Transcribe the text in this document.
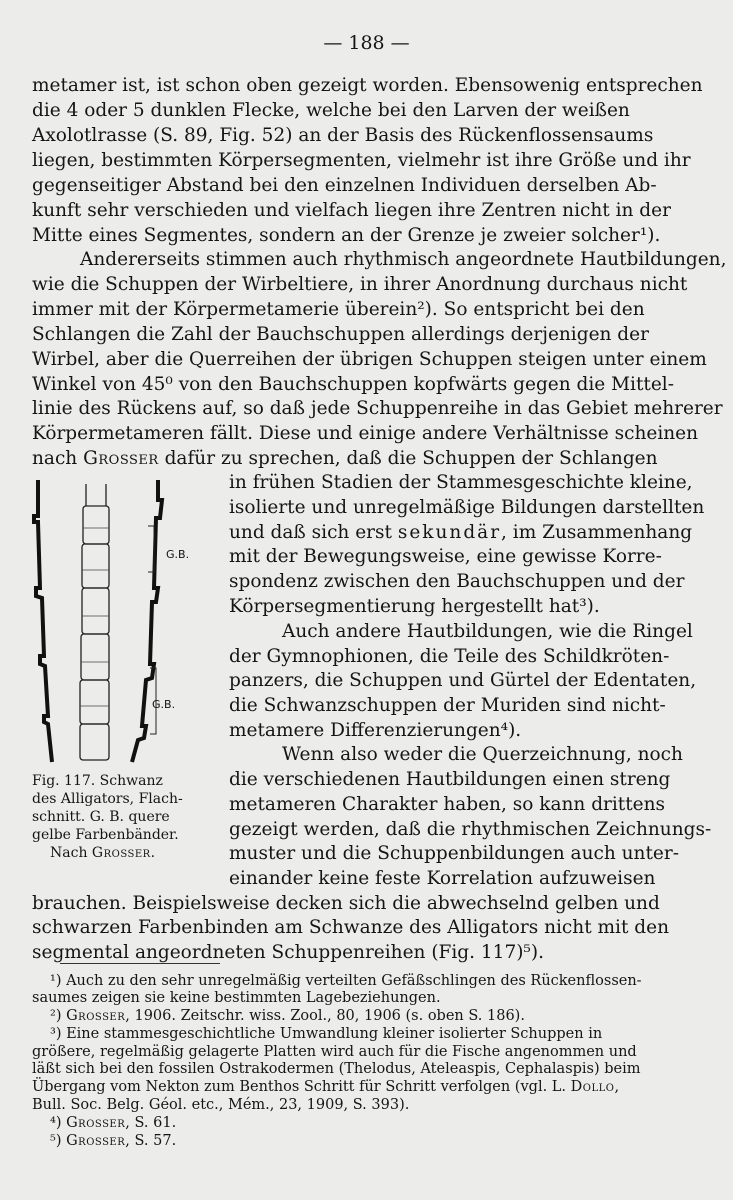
— 188 —
metamer ist, ist schon oben gezeigt worden. Ebensowenig entsprechen
die 4 oder 5 dunklen Flecke, welche bei den Larven der weißen
Axolotlrasse (S. 89, Fig. 52) an der Basis des Rückenflossensaums
liegen, bestimmten Körpersegmenten, vielmehr ist ihre Größe und ihr
gegenseitiger Abstand bei den einzelnen Individuen derselben Ab-
kunft sehr verschieden und vielfach liegen ihre Zentren nicht in der
Mitte eines Segmentes, sondern an der Grenze je zweier solcher¹).
Andererseits stimmen auch rhythmisch angeordnete Hautbildungen,
wie die Schuppen der Wirbeltiere, in ihrer Anordnung durchaus nicht
immer mit der Körpermetamerie überein²). So entspricht bei den
Schlangen die Zahl der Bauchschuppen allerdings derjenigen der
Wirbel, aber die Querreihen der übrigen Schuppen steigen unter einem
Winkel von 45⁰ von den Bauchschuppen kopfwärts gegen die Mittel-
linie des Rückens auf, so daß jede Schuppenreihe in das Gebiet mehrerer
Körpermetameren fällt. Diese und einige andere Verhältnisse scheinen
nach Grosser dafür zu sprechen, daß die Schuppen der Schlangen
in frühen Stadien der Stammesgeschichte kleine,
isolierte und unregelmäßige Bildungen darstellten
und daß sich erst sekundär, im Zusammenhang
mit der Bewegungsweise, eine gewisse Korre-
spondenz zwischen den Bauchschuppen und der
Körpersegmentierung hergestellt hat³).
Auch andere Hautbildungen, wie die Ringel
der Gymnophionen, die Teile des Schildkröten-
panzers, die Schuppen und Gürtel der Edentaten,
die Schwanzschuppen der Muriden sind nicht-
metamere Differenzierungen⁴).
Wenn also weder die Querzeichnung, noch
die verschiedenen Hautbildungen einen streng
metameren Charakter haben, so kann drittens
gezeigt werden, daß die rhythmischen Zeichnungs-
muster und die Schuppenbildungen auch unter-
einander keine feste Korrelation aufzuweisen
brauchen. Beispielsweise decken sich die abwechselnd gelben und
schwarzen Farbenbinden am Schwanze des Alligators nicht mit den
segmental angeordneten Schuppenreihen (Fig. 117)⁵).
G.B.
G.B.
Fig. 117. Schwanz
des Alligators, Flach-
schnitt. G. B. quere
gelbe Farbenbänder.
Nach Grosser.
¹) Auch zu den sehr unregelmäßig verteilten Gefäßschlingen des Rückenflossen-
saumes zeigen sie keine bestimmten Lagebeziehungen.
²) Grosser, 1906. Zeitschr. wiss. Zool., 80, 1906 (s. oben S. 186).
³) Eine stammesgeschichtliche Umwandlung kleiner isolierter Schuppen in
größere, regelmäßig gelagerte Platten wird auch für die Fische angenommen und
läßt sich bei den fossilen Ostrakodermen (Thelodus, Ateleaspis, Cephalaspis) beim
Übergang vom Nekton zum Benthos Schritt für Schritt verfolgen (vgl. L. Dollo,
Bull. Soc. Belg. Géol. etc., Mém., 23, 1909, S. 393).
⁴) Grosser, S. 61.
⁵) Grosser, S. 57.
